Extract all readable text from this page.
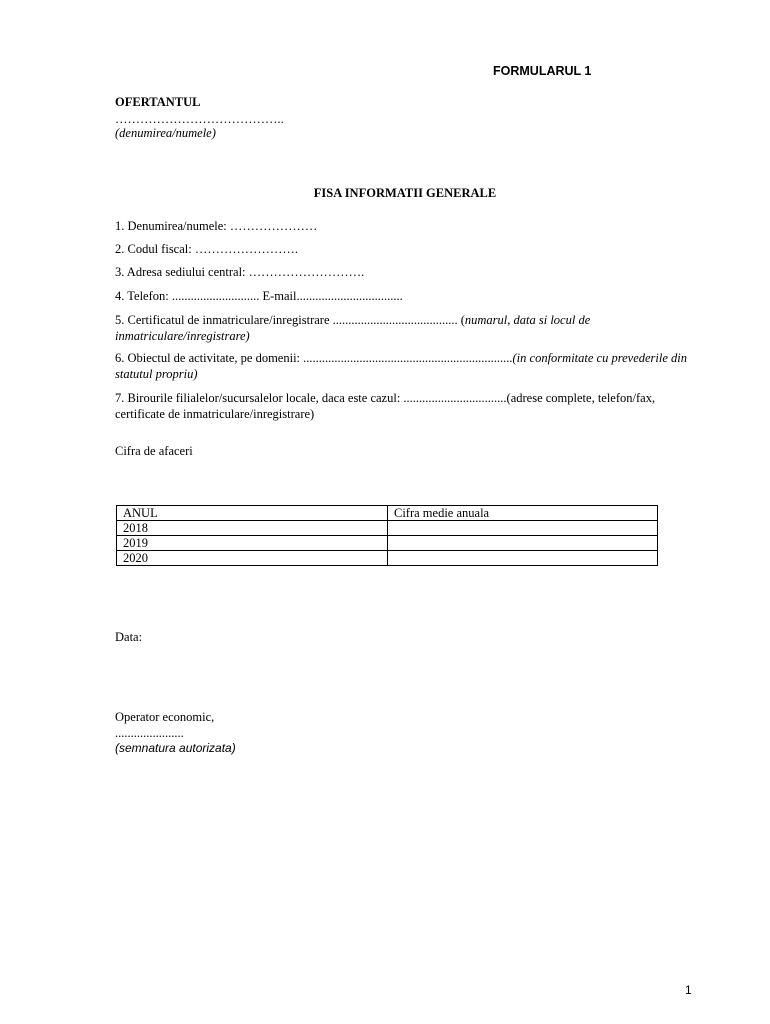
FORMULARUL 1
OFERTANTUL
…………………………………..
(denumirea/numele)
FISA INFORMATII GENERALE
1. Denumirea/numele: …………………
2. Codul fiscal: …………………….
3. Adresa sediului central: ……………………….
4. Telefon: ............................ E-mail..................................
5. Certificatul de inmatriculare/inregistrare ........................................ (numarul, data si locul de inmatriculare/inregistrare)
6. Obiectul de activitate, pe domenii: ...................................................................(in conformitate cu prevederile din statutul propriu)
7. Birourile filialelor/sucursalelor locale, daca este cazul: .................................(adrese complete, telefon/fax, certificate de inmatriculare/inregistrare)
Cifra de afaceri
ANUL	Cifra medie anuala
2018	
2019	
2020	
Data:
Operator economic,
......................
(semnatura autorizata)
1
